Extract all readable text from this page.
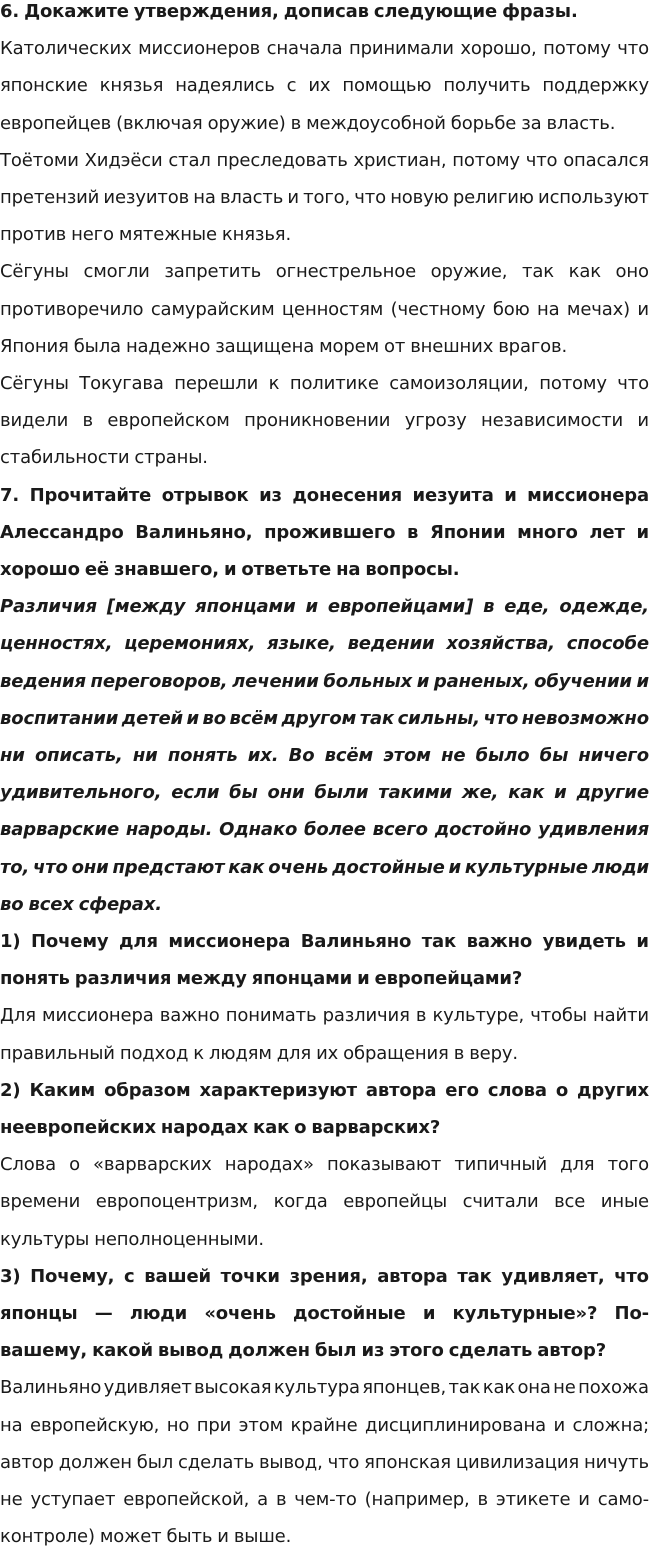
6. Докажите утверждения, дописав следующие фразы.
Католических миссионеров сначала принимали хорошо, потому что
японские князья надеялись с их помощью получить поддержку
европейцев (включая оружие) в междоусобной борьбе за власть.
Тоётоми Хидэёси стал преследовать христиан, потому что опасался
претензий иезуитов на власть и того, что новую религию используют
против него мятежные князья.
Сёгуны смогли запретить огнестрельное оружие, так как оно
противоречило самурайским ценностям (честному бою на мечах) и
Япония была надежно защищена морем от внешних врагов.
Сёгуны Токугава перешли к политике самоизоляции, потому что
видели в европейском проникновении угрозу независимости и
стабильности страны.
7. Прочитайте отрывок из донесения иезуита и миссионера
Алессандро Валиньяно, прожившего в Японии много лет и
хорошо её знавшего, и ответьте на вопросы.
Различия [между японцами и европейцами] в еде, одежде,
ценностях, церемониях, языке, ведении хозяйства, способе
ведения переговоров, лечении больных и раненых, обучении и
воспитании детей и во всём другом так сильны, что невозможно
ни описать, ни понять их. Во всём этом не было бы ничего
удивительного, если бы они были такими же, как и другие
варварские народы. Однако более всего достойно удивления
то, что они предстают как очень достойные и культурные люди
во всех сферах.
1) Почему для миссионера Валиньяно так важно увидеть и
понять различия между японцами и европейцами?
Для миссионера важно понимать различия в культуре, чтобы найти
правильный подход к людям для их обращения в веру.
2) Каким образом характеризуют автора его слова о других
неевропейских народах как о варварских?
Слова о «варварских народах» показывают типичный для того
времени европоцентризм, когда европейцы считали все иные
культуры неполноценными.
3) Почему, с вашей точки зрения, автора так удивляет, что
японцы — люди «очень достойные и культурные»? По-
вашему, какой вывод должен был из этого сделать автор?
Валиньяно удивляет высокая культура японцев, так как она не похожа
на европейскую, но при этом крайне дисциплинирована и сложна;
автор должен был сделать вывод, что японская цивилизация ничуть
не уступает европейской, а в чем-то (например, в этикете и само-
контроле) может быть и выше.
